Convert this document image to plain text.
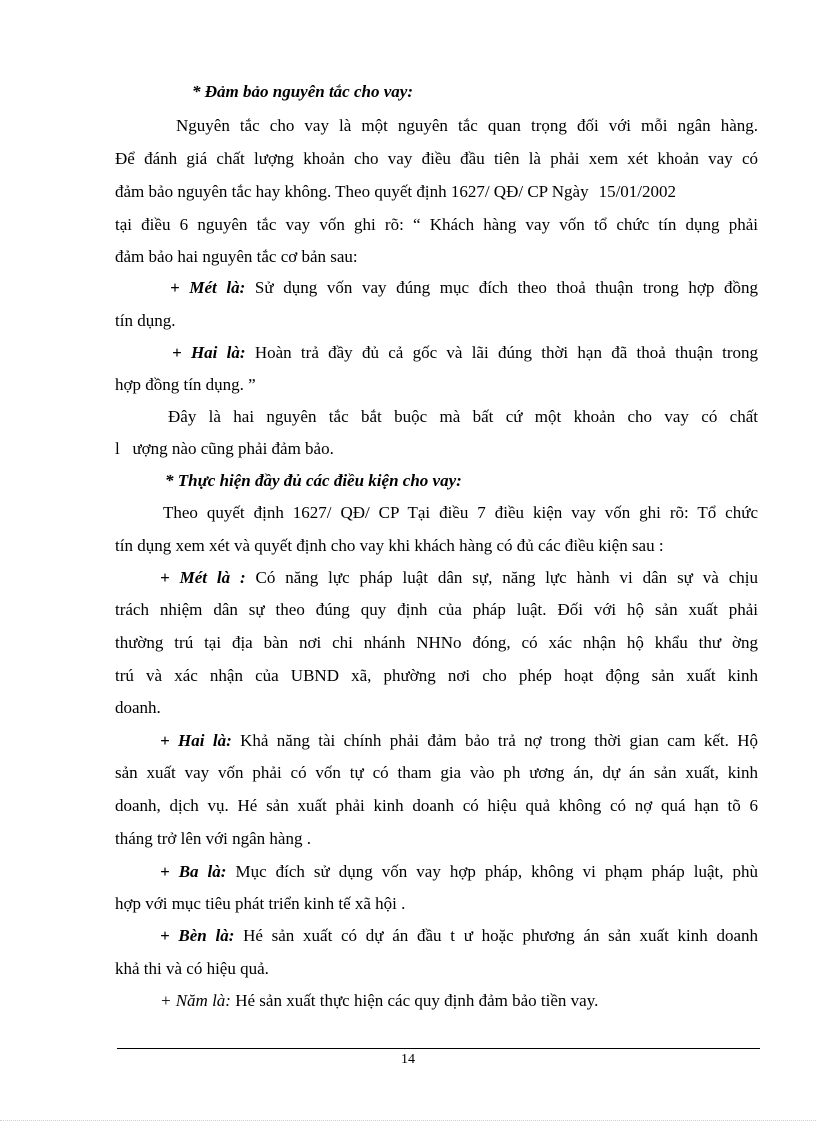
* Đảm bảo nguyên tắc cho vay:
Nguyên tắc cho vay là một nguyên tắc quan trọng đối với mỗi ngân hàng.
Để đánh giá chất lượng khoản cho vay điều đầu tiên là phải xem xét khoản vay có
đảm bảo nguyên tắc hay không. Theo quyết định 1627/ QĐ/ CP Ngày 15/01/2002
tại điều 6 nguyên tắc vay vốn ghi rõ: “ Khách hàng vay vốn tổ chức tín dụng phải
đảm bảo hai nguyên tắc cơ bản sau:
+ Mét là: Sử dụng vốn vay đúng mục đích theo thoả thuận trong hợp đồng
tín dụng.
+ Hai là: Hoàn trả đầy đủ cả gốc và lãi đúng thời hạn đã thoả thuận trong
hợp đồng tín dụng. ”
Đây là hai nguyên tắc bắt buộc mà bất cứ một khoản cho vay có chất
l   ượng nào cũng phải đảm bảo.
* Thực hiện đầy đủ các điều kiện cho vay:
Theo quyết định 1627/ QĐ/ CP Tại điều 7 điều kiện vay vốn ghi rõ: Tổ chức
tín dụng xem xét và quyết định cho vay khi khách hàng có đủ các điều kiện sau :
+ Mét là : Có năng lực pháp luật dân sự, năng lực hành vi dân sự và chịu
trách nhiệm dân sự theo đúng quy định của pháp luật. Đối với hộ sản xuất phải
thường trú tại địa bàn nơi chi nhánh NHNo đóng, có xác nhận hộ khẩu thư ờng
trú và xác nhận của UBND xã, phường nơi cho phép hoạt động sản xuất kinh
doanh.
+ Hai là: Khả năng tài chính phải đảm bảo trả nợ trong thời gian cam kết. Hộ
sản xuất vay vốn phải có vốn tự có tham gia vào ph ương án, dự án sản xuất, kinh
doanh, dịch vụ. Hé sản xuất phải kinh doanh có hiệu quả không có nợ quá hạn tõ 6
tháng trở lên với ngân hàng .
+ Ba là: Mục đích sử dụng vốn vay hợp pháp, không vi phạm pháp luật, phù
hợp với mục tiêu phát triển kinh tế xã hội .
+ Bèn là: Hé sản xuất có dự án đầu t ư hoặc phương án sản xuất kinh doanh
khả thi và có hiệu quả.
+ Năm là: Hé sản xuất thực hiện các quy định đảm bảo tiền vay.
14
